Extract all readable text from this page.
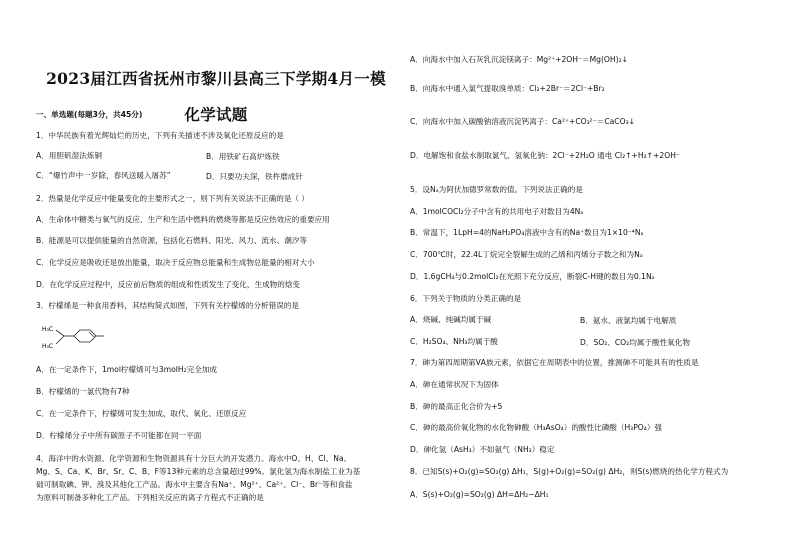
2023届江西省抚州市黎川县高三下学期4月一模
化学试题
一、单选题(每题3分，共45分)
H₃C
H₃C
1．中华民族有着光辉灿烂的历史，下列有关描述不涉及氧化还原反应的是
A．用胆矾湿法炼铜	B．用铁矿石高炉炼铁
C．“爆竹声中一岁除，春风送暖入屠苏”	D．只要功夫深，铁杵磨成针
2．热量是化学反应中能量变化的主要形式之一，则下列有关说法不正确的是（ ）
A．生命体中糖类与氧气的反应、生产和生活中燃料的燃烧等都是反应热效应的重要应用
B．能源是可以提供能量的自然资源，包括化石燃料、阳光、风力、流水、潮汐等
C．化学反应是吸收还是放出能量，取决于反应物总能量和生成物总能量的相对大小
D．在化学反应过程中，反应前后物质的组成和性质发生了变化，生成物的焓变
3．柠檬烯是一种食用香料，其结构简式如图，下列有关柠檬烯的分析错误的是
A．在一定条件下，1mol柠檬烯可与3molH₂完全加成
B．柠檬烯的一氯代物有7种
C．在一定条件下，柠檬烯可发生加成、取代、氧化、还原反应
D．柠檬烯分子中所有碳原子不可能都在同一平面
4．海洋中的水资源、化学资源和生物资源具有十分巨大的开发潜力。海水中O、H、Cl、Na、
Mg、S、Ca、K、Br、Sr、C、B、F等13种元素的总含量超过99%。氯化氢为海水制盐工业为基
础可制取碘、钾、溴及其他化工产品。海水中主要含有Na⁺、Mg²⁺、Ca²⁺、Cl⁻、Br⁻等和食盐
为原料可制备多种化工产品。下列相关反应的离子方程式不正确的是
A．向海水中加入石灰乳沉淀镁离子：Mg²⁺+2OH⁻＝Mg(OH)₂↓
B．向海水中通入氯气提取溴单质：Cl₂+2Br⁻＝2Cl⁻+Br₂
C．向海水中加入碳酸钠溶液沉淀钙离子：Ca²⁺+CO₃²⁻＝CaCO₃↓
D．电解饱和食盐水制取氯气、氢氧化钠：2Cl⁻+2H₂O 通电 Cl₂↑+H₂↑+2OH⁻
5．设Nₐ为阿伏加德罗常数的值。下列说法正确的是
A．1molCOCl₂分子中含有的共用电子对数目为4Nₐ
B．常温下，1LpH=4的NaH₂PO₄溶液中含有的Na⁺数目为1×10⁻⁴Nₐ
C．700℃时，22.4L丁烷完全裂解生成的乙烯和丙烯分子数之和为Nₐ
D．1.6gCH₄与0.2molCl₂在光照下充分反应，断裂C-H键的数目为0.1Nₐ
6．下列关于物质的分类正确的是
A．烧碱、纯碱均属于碱	B．氨水、液氯均属于电解质
C．H₂SO₄、NH₃均属于酸	D．SO₂、CO₂均属于酸性氧化物
7．砷为第四周期第ⅤA族元素，依据它在周期表中的位置，推测砷不可能具有的性质是
A．砷在通常状况下为固体
B．砷的最高正化合价为+5
C．砷的最高价氧化物的水化物砷酸（H₃AsO₄）的酸性比磷酸（H₃PO₄）强
D．砷化氢（AsH₃）不如氨气（NH₃）稳定
8．已知S(s)+O₂(g)=SO₂(g) ΔH₁，S(g)+O₂(g)=SO₂(g) ΔH₂，则S(s)燃烧的热化学方程式为
A．S(s)+O₂(g)=SO₂(g) ΔH=ΔH₂−ΔH₁
